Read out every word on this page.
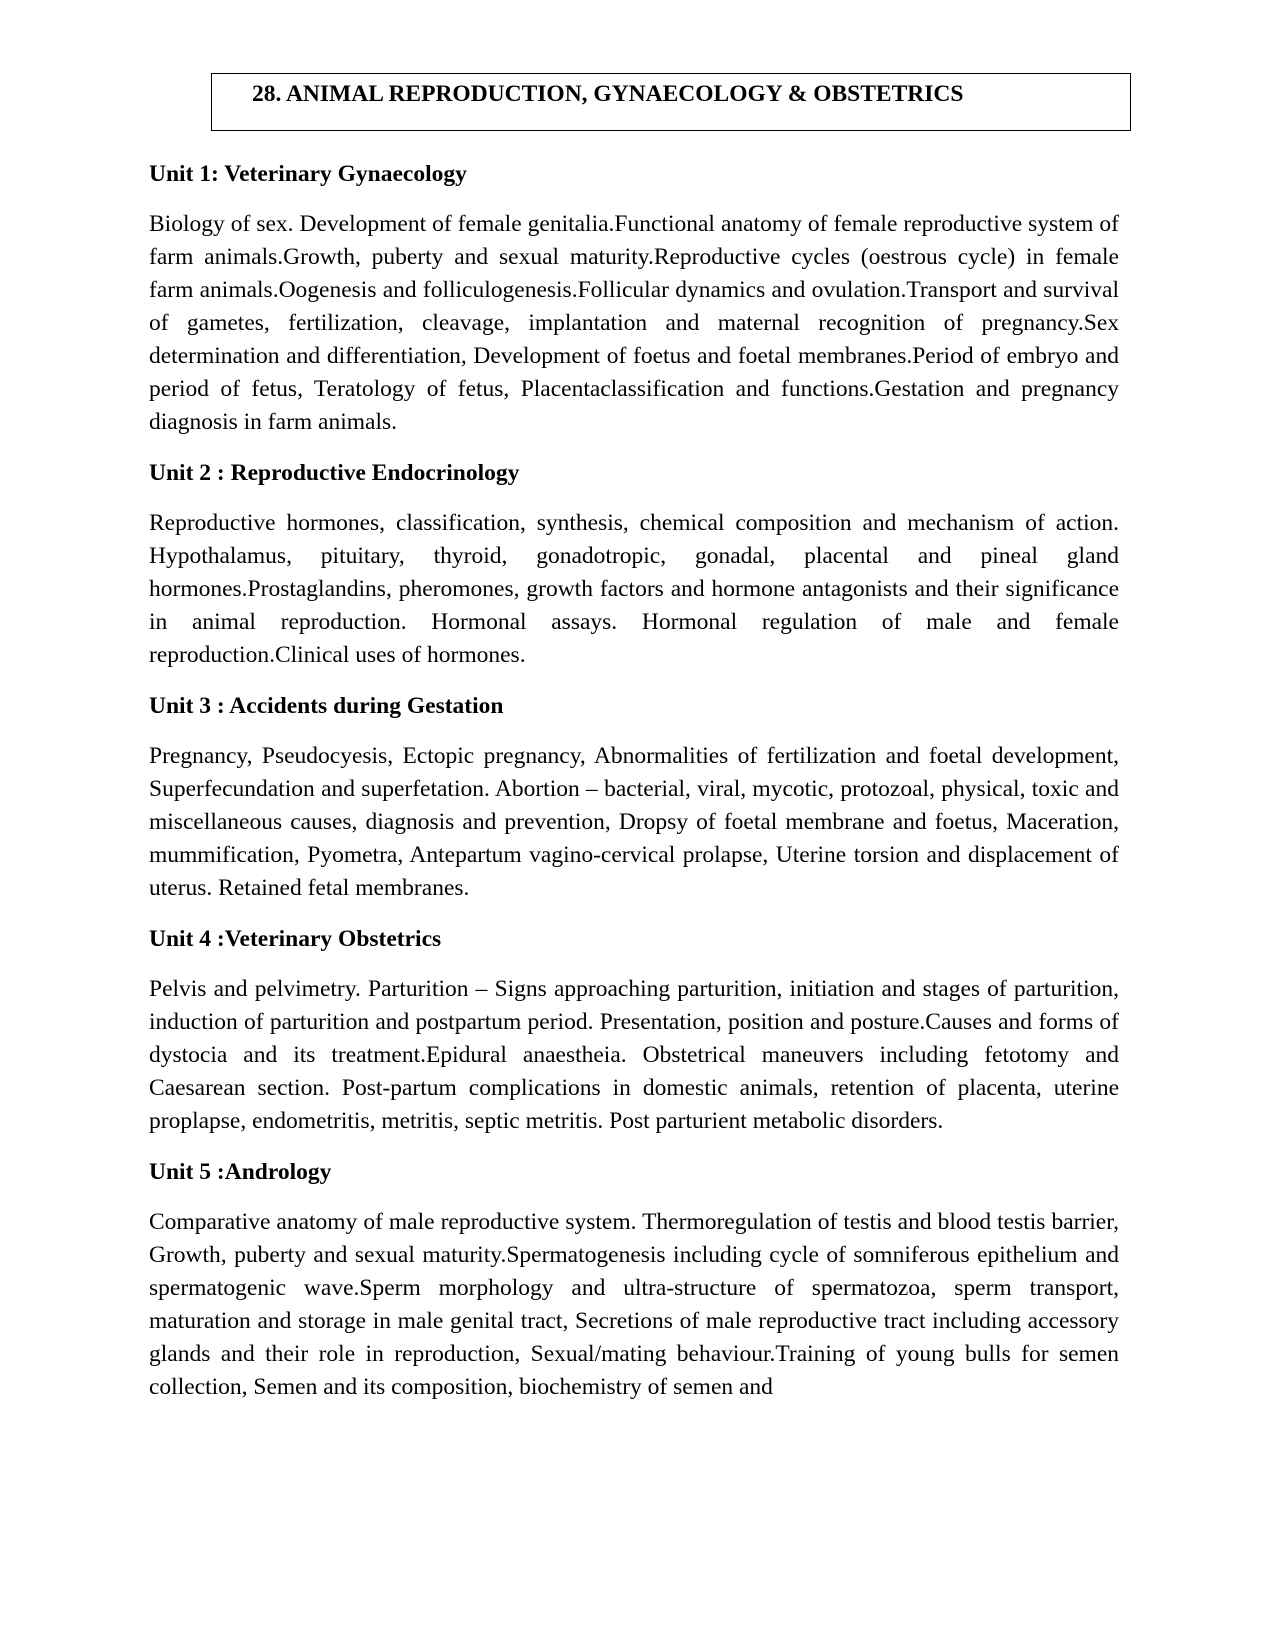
28. ANIMAL REPRODUCTION, GYNAECOLOGY & OBSTETRICS
Unit 1: Veterinary Gynaecology

Biology of sex. Development of female genitalia.Functional anatomy of female reproductive system of farm animals.Growth, puberty and sexual maturity.Reproductive cycles (oestrous cycle) in female farm animals.Oogenesis and folliculogenesis.Follicular dynamics and ovulation.Transport and survival of gametes, fertilization, cleavage, implantation and maternal recognition of pregnancy.Sex determination and differentiation, Development of foetus and foetal membranes.Period of embryo and period of fetus, Teratology of fetus, Placentaclassification and functions.Gestation and pregnancy diagnosis in farm animals.

Unit 2 : Reproductive Endocrinology

Reproductive hormones, classification, synthesis, chemical composition and mechanism of action. Hypothalamus, pituitary, thyroid, gonadotropic, gonadal, placental and pineal gland hormones.Prostaglandins, pheromones, growth factors and hormone antagonists and their significance in animal reproduction. Hormonal assays. Hormonal regulation of male and female reproduction.Clinical uses of hormones.

Unit 3 : Accidents during Gestation

Pregnancy, Pseudocyesis, Ectopic pregnancy, Abnormalities of fertilization and foetal development, Superfecundation and superfetation. Abortion – bacterial, viral, mycotic, protozoal, physical, toxic and miscellaneous causes, diagnosis and prevention, Dropsy of foetal membrane and foetus, Maceration, mummification, Pyometra, Antepartum vagino-cervical prolapse, Uterine torsion and displacement of uterus. Retained fetal membranes.

Unit 4 :Veterinary Obstetrics

Pelvis and pelvimetry. Parturition – Signs approaching parturition, initiation and stages of parturition, induction of parturition and postpartum period. Presentation, position and posture.Causes and forms of dystocia and its treatment.Epidural anaestheia. Obstetrical maneuvers including fetotomy and Caesarean section. Post-partum complications in domestic animals, retention of placenta, uterine proplapse, endometritis, metritis, septic metritis. Post parturient metabolic disorders.

Unit 5 :Andrology

Comparative anatomy of male reproductive system. Thermoregulation of testis and blood testis barrier, Growth, puberty and sexual maturity.Spermatogenesis including cycle of somniferous epithelium and spermatogenic wave.Sperm morphology and ultra-structure of spermatozoa, sperm transport, maturation and storage in male genital tract, Secretions of male reproductive tract including accessory glands and their role in reproduction, Sexual/mating behaviour.Training of young bulls for semen collection, Semen and its composition, biochemistry of semen and
